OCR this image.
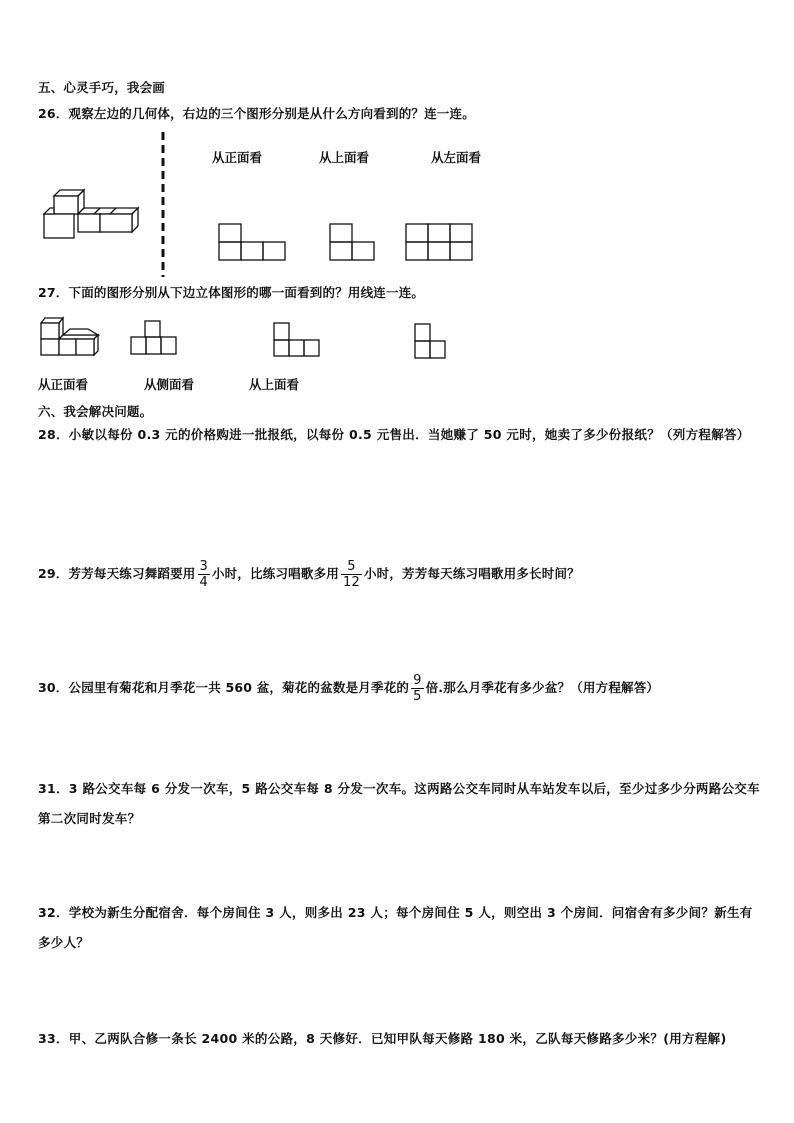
五、心灵手巧，我会画
26．观察左边的几何体，右边的三个图形分别是从什么方向看到的？连一连。
从正面看	从上面看	从左面看
27．下面的图形分别从下边立体图形的哪一面看到的？用线连一连。
从正面看	从侧面看	从上面看
六、我会解决问题。
28．小敏以每份 0.3 元的价格购进一批报纸，以每份 0.5 元售出．当她赚了 50 元时，她卖了多少份报纸？（列方程解答）
29．芳芳每天练习舞蹈要用 $\frac{3}{4}$ 小时，比练习唱歌多用 $\frac{5}{12}$ 小时，芳芳每天练习唱歌用多长时间？
30．公园里有菊花和月季花一共 560 盆，菊花的盆数是月季花的 $\frac{9}{5}$ 倍.那么月季花有多少盆？（用方程解答）
31．3 路公交车每 6 分发一次车，5 路公交车每 8 分发一次车。这两路公交车同时从车站发车以后，至少过多少分两路公交车第二次同时发车？
32．学校为新生分配宿舍．每个房间住 3 人，则多出 23 人；每个房间住 5 人，则空出 3 个房间．问宿舍有多少间？新生有多少人？
33．甲、乙两队合修一条长 2400 米的公路，8 天修好．已知甲队每天修路 180 米，乙队每天修路多少米？(用方程解)
